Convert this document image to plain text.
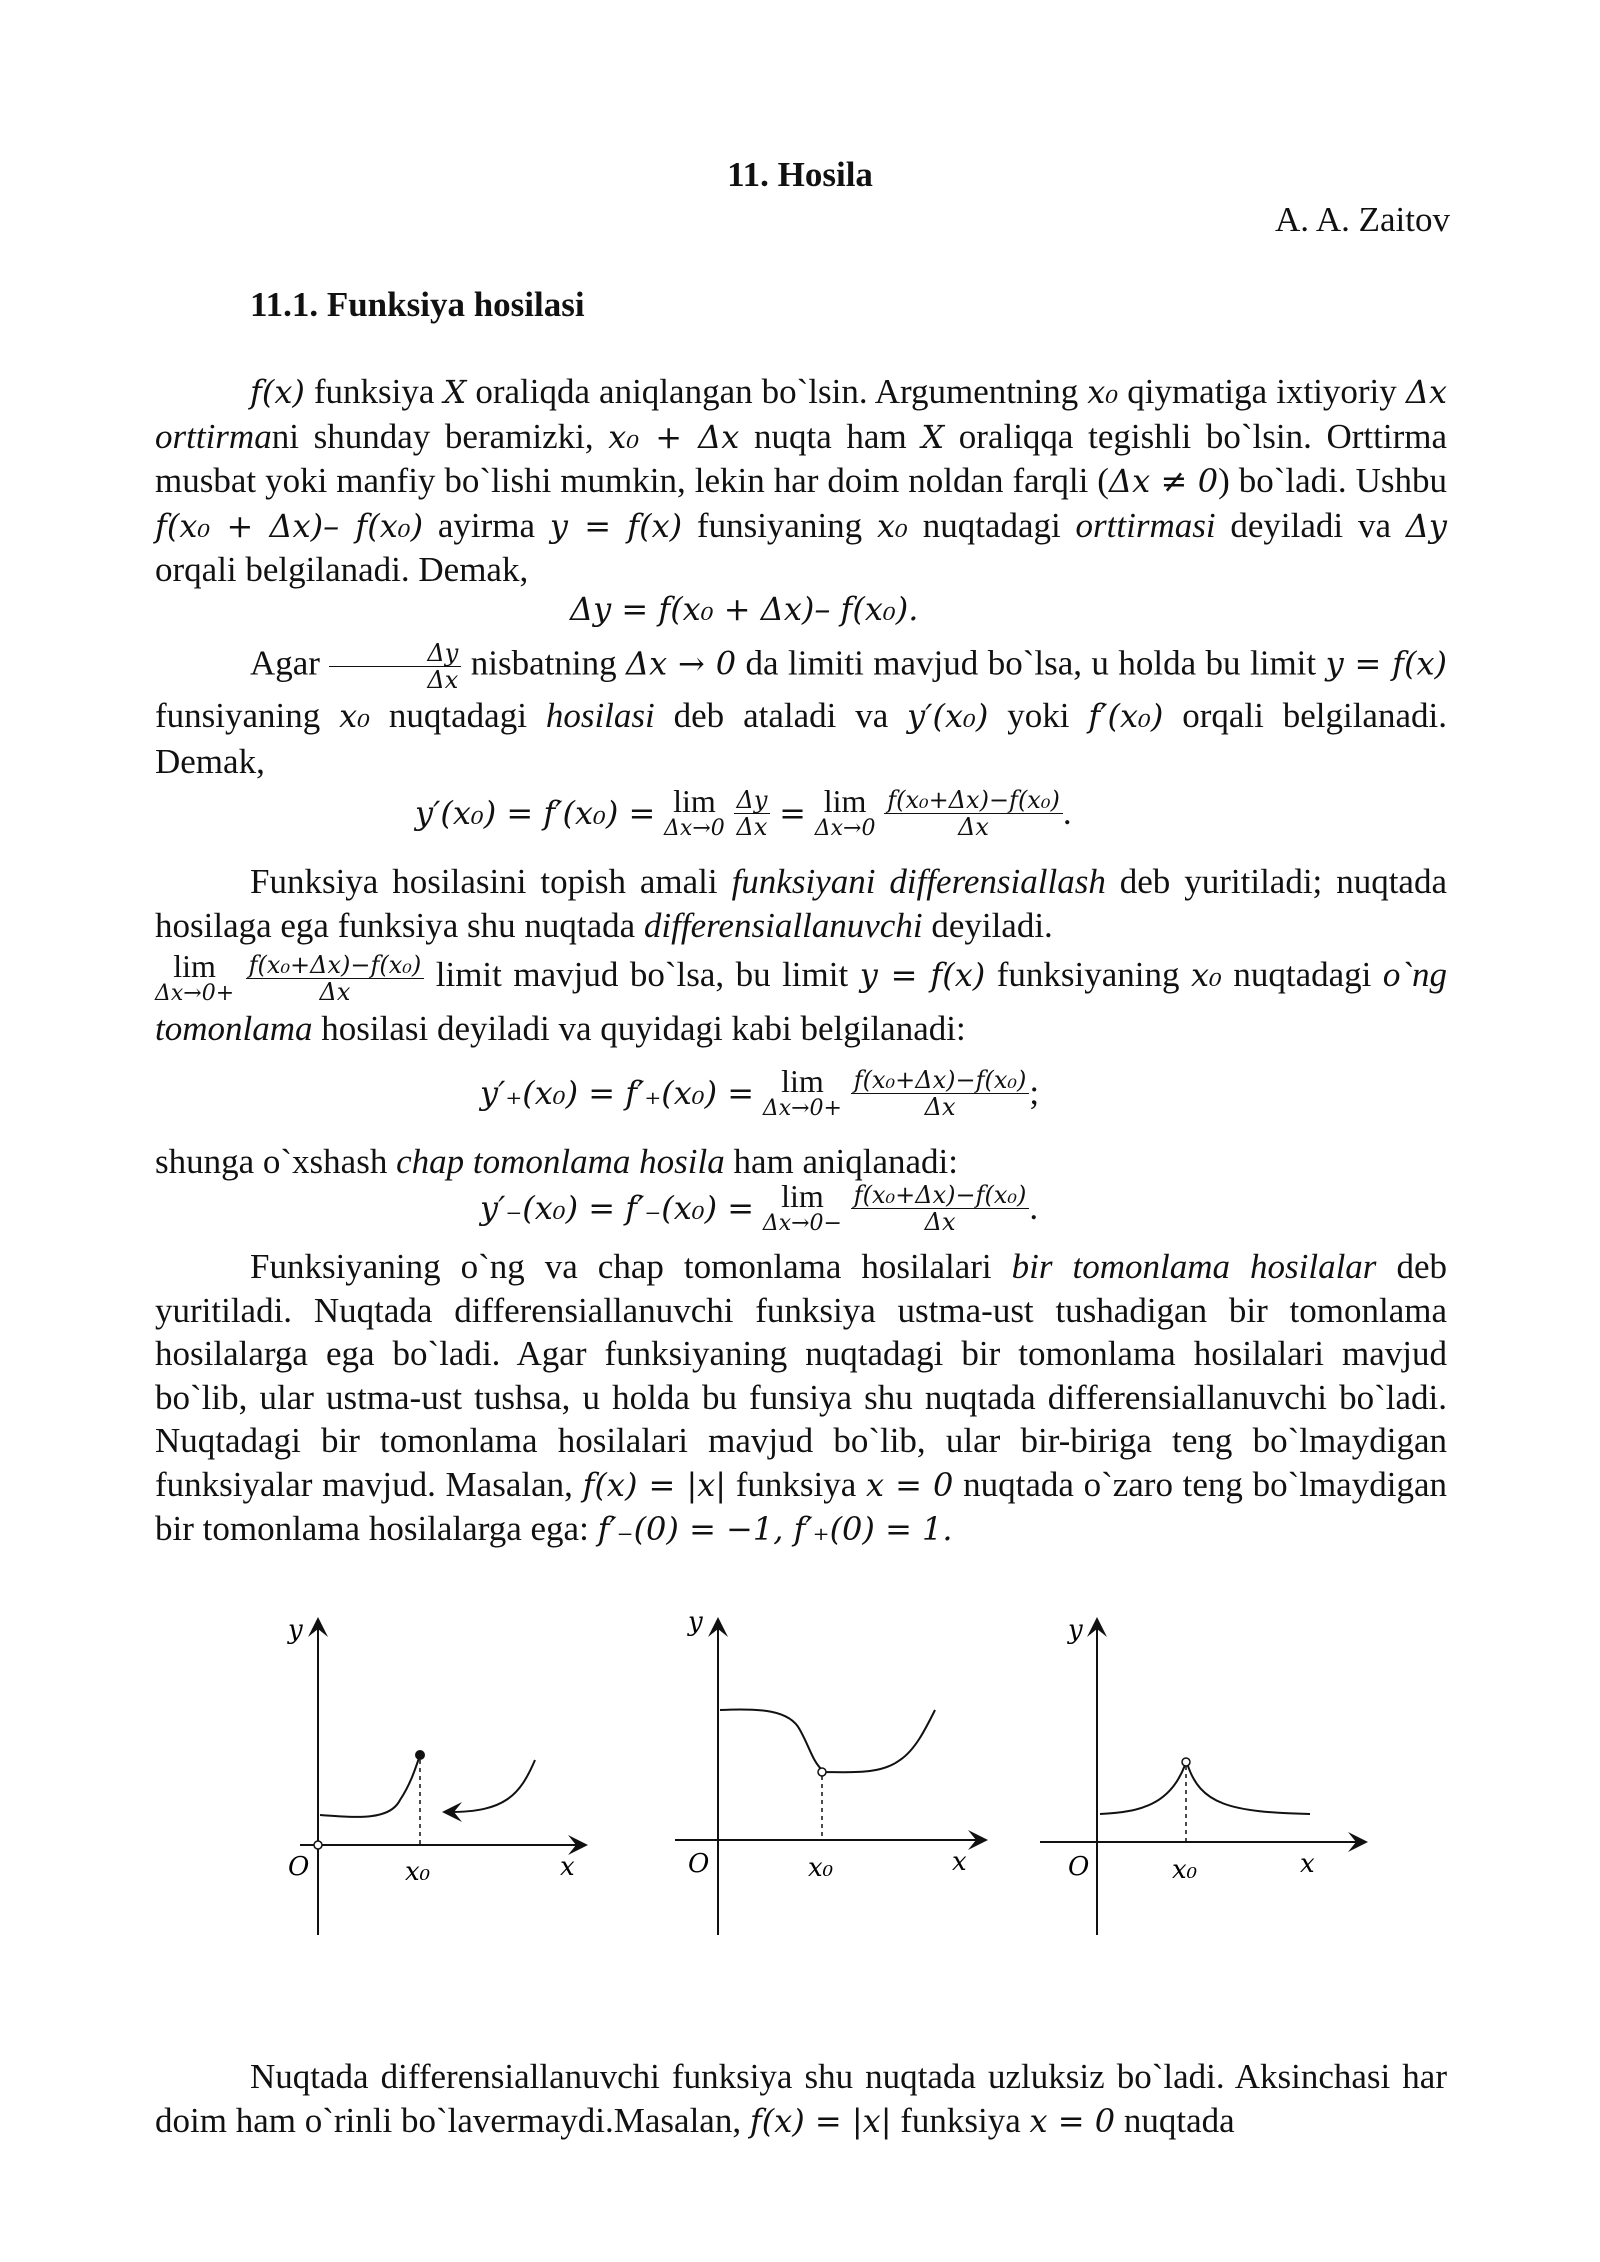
11. Hosila
A. A. Zaitov
11.1. Funksiya hosilasi
f(x) funksiya X oraliqda aniqlangan bo`lsin. Argumentning x₀ qiymatiga ixtiyoriy Δx orttirmani shunday beramizki, x₀ + Δx nuqta ham X oraliqqa tegishli bo`lsin. Orttirma musbat yoki manfiy bo`lishi mumkin, lekin har doim noldan farqli (Δx ≠ 0) bo`ladi. Ushbu f(x₀ + Δx)– f(x₀) ayirma y = f(x) funsiyaning x₀ nuqtadagi orttirmasi deyiladi va Δy orqali belgilanadi. Demak,
Δy = f(x₀ + Δx)– f(x₀).
Agar $\frac{\Delta y}{\Delta x}$ nisbatning Δx → 0 da limiti mavjud bo`lsa, u holda bu limit y = f(x) funsiyaning x₀ nuqtadagi hosilasi deb ataladi va y′(x₀) yoki f′(x₀) orqali belgilanadi. Demak,
y′(x₀) = f′(x₀) = lim
Δx→0
$\frac{\Delta y}{\Delta x} = \lim$
Δx→0
$\frac{\text{f(x₀+Δx)−f(x₀)}}{\Delta x}$ .
Funksiya hosilasini topish amali funksiyani differensiallash deb yuritiladi; nuqtada hosilaga ega funksiya shu nuqtada differensiallanuvchi deyiladi.
lim
Δx→0+
$\frac{\text{f(x₀+Δx)−f(x₀)}}{\Delta x}$ limit mavjud bo`lsa, bu limit y = f(x) funksiyaning x₀ nuqtadagi o`ng tomonlama hosilasi deyiladi va quyidagi kabi belgilanadi:
y′₊(x₀) = f′₊(x₀) = lim
Δx→0+
$\frac{\text{f(x₀+Δx)−f(x₀)}}{\Delta x}$ ;
shunga o`xshash chap tomonlama hosila ham aniqlanadi:
y′₋(x₀) = f′₋(x₀) = lim
Δx→0−
$\frac{\text{f(x₀+Δx)−f(x₀)}}{\Delta x}$ .
Funksiyaning o`ng va chap tomonlama hosilalari bir tomonlama hosilalar deb yuritiladi. Nuqtada differensiallanuvchi funksiya ustma-ust tushadigan bir tomonlama hosilalarga ega bo`ladi. Agar funksiyaning nuqtadagi bir tomonlama hosilalari mavjud bo`lib, ular ustma-ust tushsa, u holda bu funsiya shu nuqtada differensiallanuvchi bo`ladi. Nuqtadagi bir tomonlama hosilalari mavjud bo`lib, ular bir-biriga teng bo`lmaydigan funksiyalar mavjud. Masalan, f(x) = |x| funksiya x = 0 nuqtada o`zaro teng bo`lmaydigan bir tomonlama hosilalarga ega: f′₋(0) = −1, f′₊(0) = 1.
y
O	x₀	x
y
O	x₀	x
y
O	x₀	x
Nuqtada differensiallanuvchi funksiya shu nuqtada uzluksiz bo`ladi. Aksinchasi har doim ham o`rinli bo`lavermaydi.Masalan, f(x) = |x| funksiya x = 0 nuqtada
